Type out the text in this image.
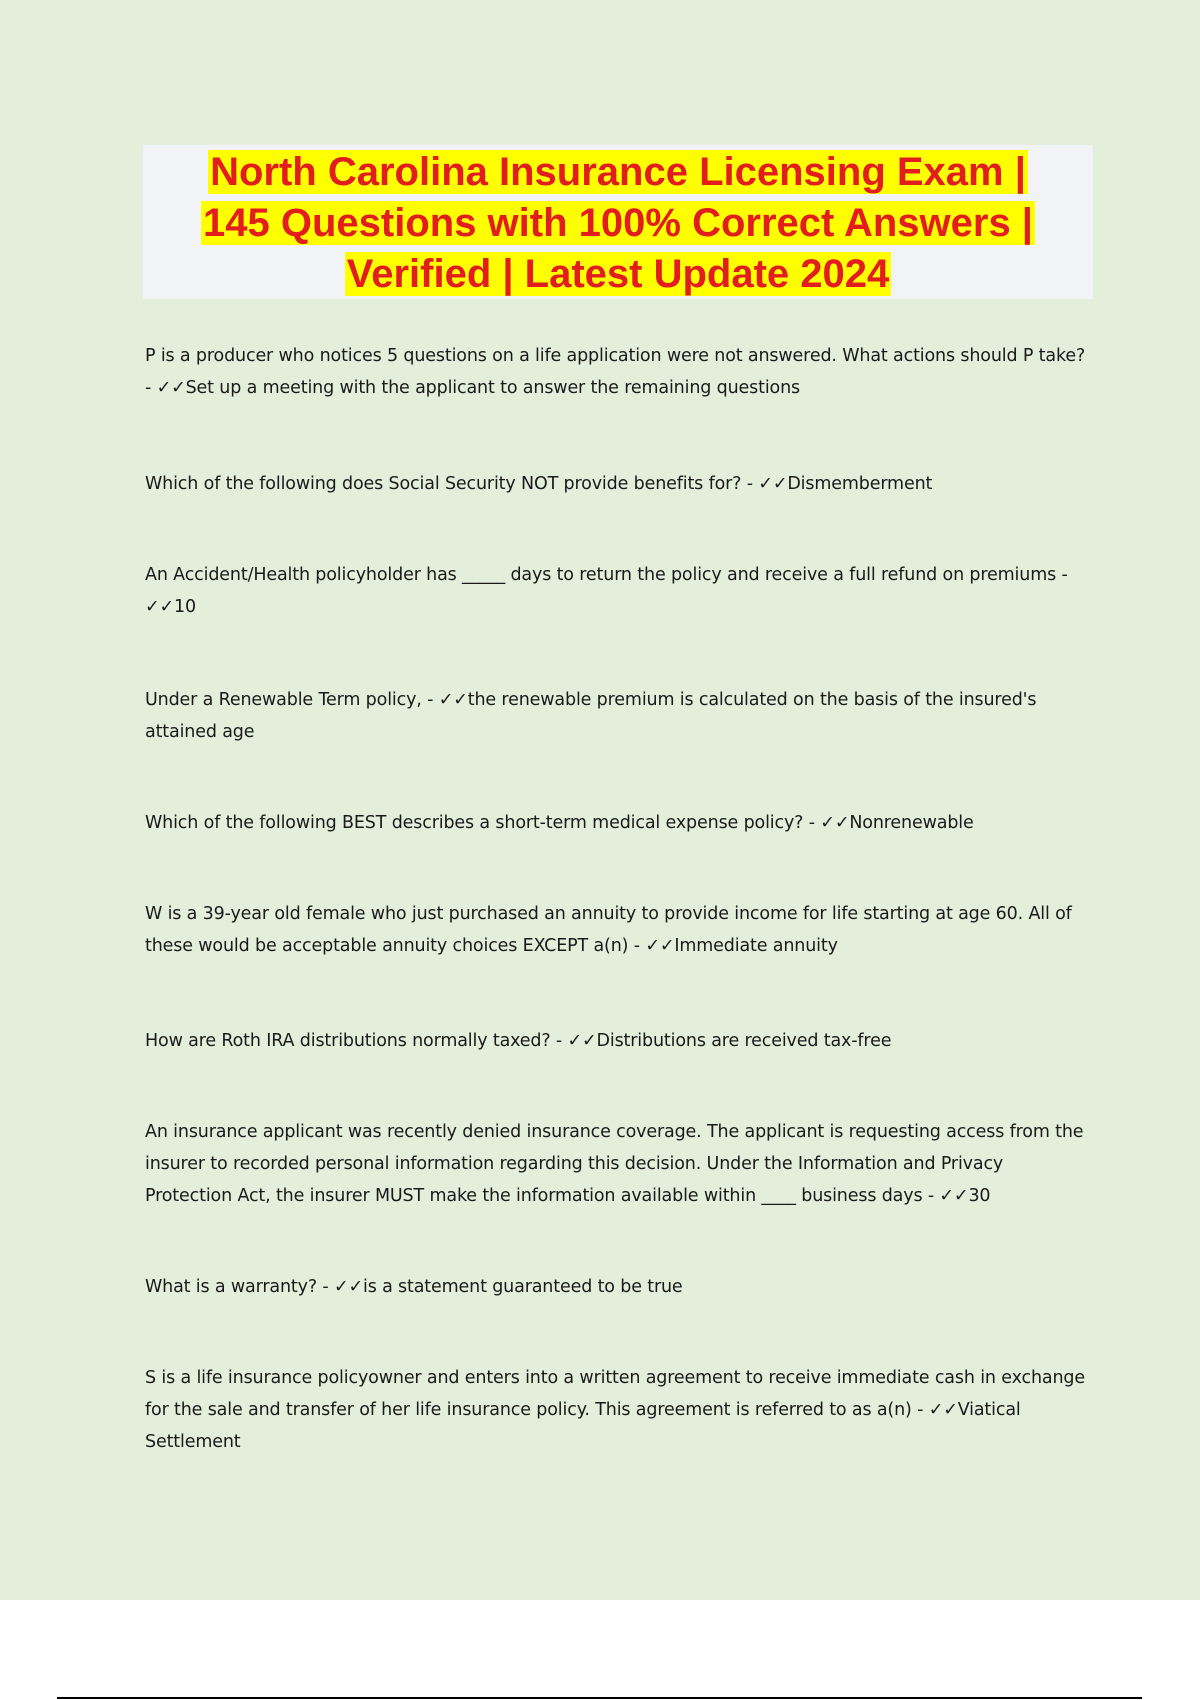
North Carolina Insurance Licensing Exam |
145 Questions with 100% Correct Answers |
Verified | Latest Update 2024

P is a producer who notices 5 questions on a life application were not answered. What actions should P take? - ✓✓Set up a meeting with the applicant to answer the remaining questions

Which of the following does Social Security NOT provide benefits for? - ✓✓Dismemberment

An Accident/Health policyholder has _____ days to return the policy and receive a full refund on premiums - ✓✓10

Under a Renewable Term policy, - ✓✓the renewable premium is calculated on the basis of the insured's attained age

Which of the following BEST describes a short-term medical expense policy? - ✓✓Nonrenewable

W is a 39-year old female who just purchased an annuity to provide income for life starting at age 60. All of these would be acceptable annuity choices EXCEPT a(n) - ✓✓Immediate annuity

How are Roth IRA distributions normally taxed? - ✓✓Distributions are received tax-free

An insurance applicant was recently denied insurance coverage. The applicant is requesting access from the insurer to recorded personal information regarding this decision. Under the Information and Privacy Protection Act, the insurer MUST make the information available within ____ business days - ✓✓30

What is a warranty? - ✓✓is a statement guaranteed to be true

S is a life insurance policyowner and enters into a written agreement to receive immediate cash in exchange for the sale and transfer of her life insurance policy. This agreement is referred to as a(n) - ✓✓Viatical Settlement
